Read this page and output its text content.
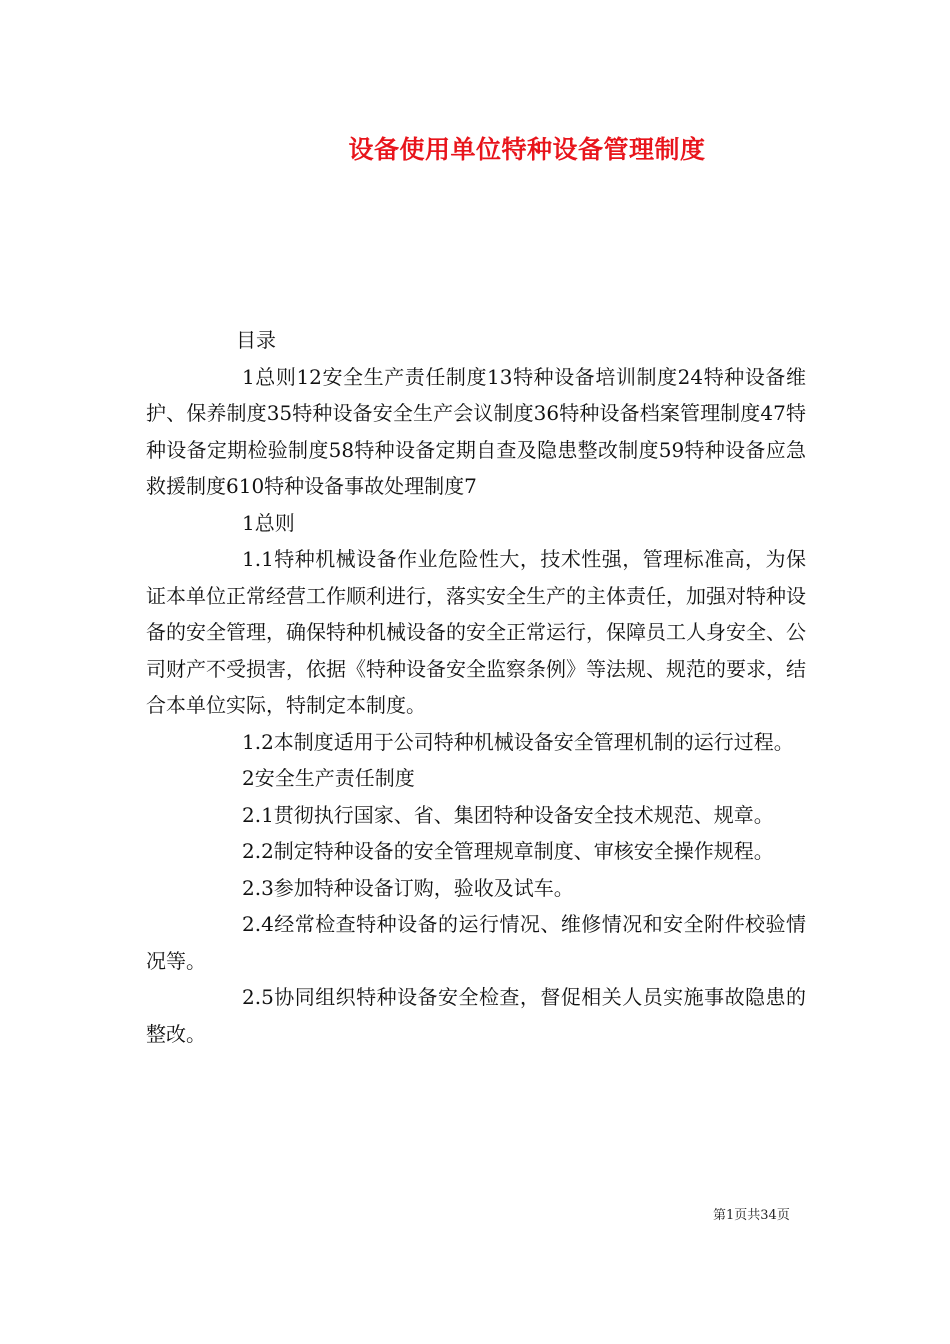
设备使用单位特种设备管理制度

目录

1总则12安全生产责任制度13特种设备培训制度24特种设备维护、保养制度35特种设备安全生产会议制度36特种设备档案管理制度47特种设备定期检验制度58特种设备定期自查及隐患整改制度59特种设备应急救援制度610特种设备事故处理制度7

1总则

1.1特种机械设备作业危险性大，技术性强，管理标准高，为保证本单位正常经营工作顺利进行，落实安全生产的主体责任，加强对特种设备的安全管理，确保特种机械设备的安全正常运行，保障员工人身安全、公司财产不受损害，依据《特种设备安全监察条例》等法规、规范的要求，结合本单位实际，特制定本制度。

1.2本制度适用于公司特种机械设备安全管理机制的运行过程。

2安全生产责任制度

2.1贯彻执行国家、省、集团特种设备安全技术规范、规章。

2.2制定特种设备的安全管理规章制度、审核安全操作规程。

2.3参加特种设备订购，验收及试车。

2.4经常检查特种设备的运行情况、维修情况和安全附件校验情况等。

2.5协同组织特种设备安全检查，督促相关人员实施事故隐患的整改。

第1页共34页
